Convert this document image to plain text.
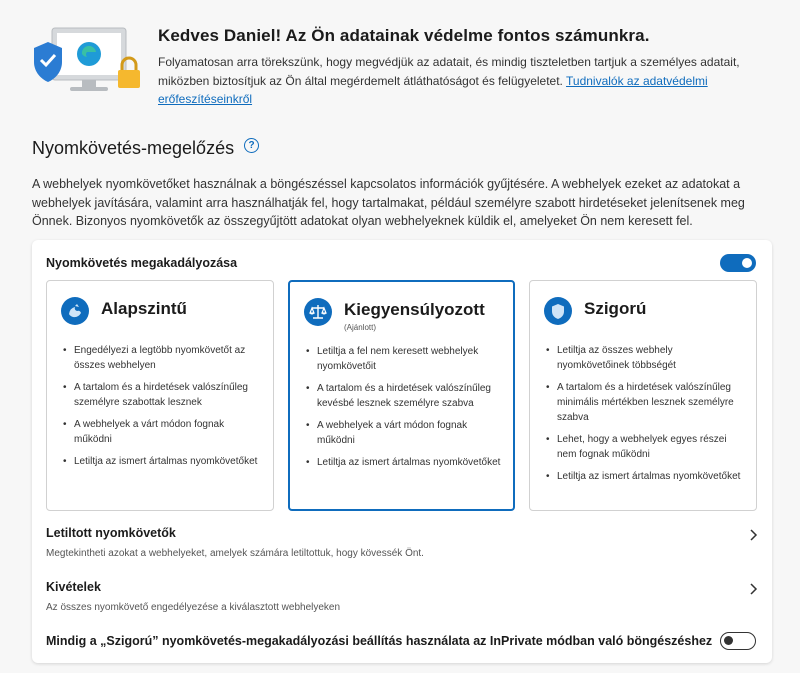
Kedves Daniel! Az Ön adatainak védelme fontos számunkra.
Folyamatosan arra törekszünk, hogy megvédjük az adatait, és mindig tiszteletben tartjuk a személyes adatait, miközben biztosítjuk az Ön által megérdemelt átláthatóságot és felügyeletet. Tudnivalók az adatvédelmi erőfeszítéseinkről
Nyomkövetés-megelőzés	?
A webhelyek nyomkövetőket használnak a böngészéssel kapcsolatos információk gyűjtésére. A webhelyek ezeket az adatokat a webhelyek javítására, valamint arra használhatják fel, hogy tartalmakat, például személyre szabott hirdetéseket jelenítsenek meg Önnek. Bizonyos nyomkövetők az összegyűjtött adatokat olyan webhelyeknek küldik el, amelyeket Ön nem keresett fel.
Nyomkövetés megakadályozása
Alapszintű
• Engedélyezi a legtöbb nyomkövetőt az összes webhelyen
• A tartalom és a hirdetések valószínűleg személyre szabottak lesznek
• A webhelyek a várt módon fognak működni
• Letiltja az ismert ártalmas nyomkövetőket
Kiegyensúlyozott
(Ajánlott)
• Letiltja a fel nem keresett webhelyek nyomkövetőit
• A tartalom és a hirdetések valószínűleg kevésbé lesznek személyre szabva
• A webhelyek a várt módon fognak működni
• Letiltja az ismert ártalmas nyomkövetőket
Szigorú
• Letiltja az összes webhely nyomkövetőinek többségét
• A tartalom és a hirdetések valószínűleg minimális mértékben lesznek személyre szabva
• Lehet, hogy a webhelyek egyes részei nem fognak működni
• Letiltja az ismert ártalmas nyomkövetőket
Letiltott nyomkövetők
Megtekintheti azokat a webhelyeket, amelyek számára letiltottuk, hogy kövessék Önt.
Kivételek
Az összes nyomkövető engedélyezése a kiválasztott webhelyeken
Mindig a „Szigorú” nyomkövetés-megakadályozási beállítás használata az InPrivate módban való böngészéshez
